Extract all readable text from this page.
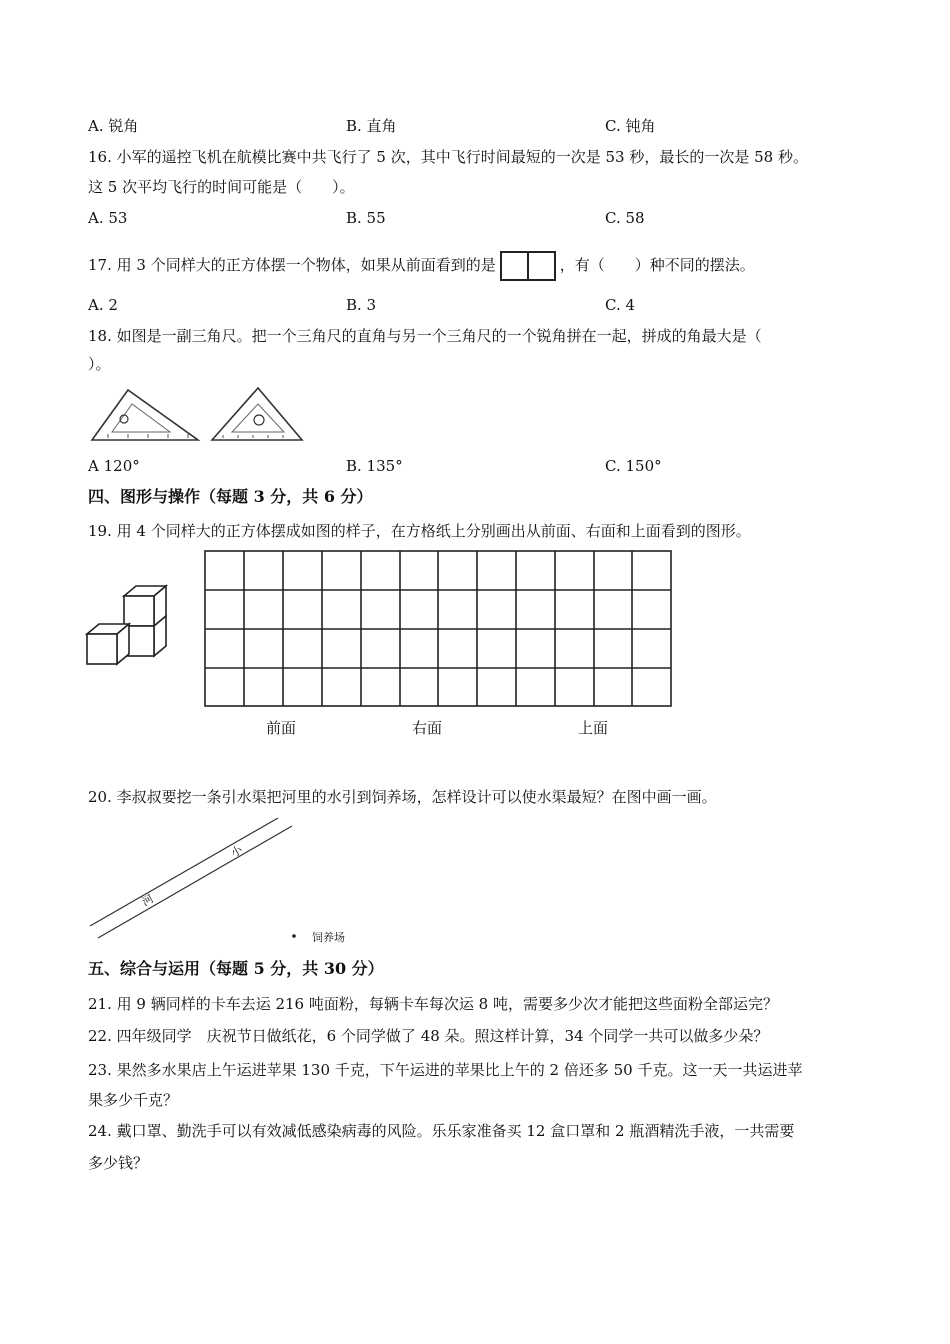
A. 锐角	B. 直角	C. 钝角
16. 小军的遥控飞机在航模比赛中共飞行了 5 次，其中飞行时间最短的一次是 53 秒，最长的一次是 58 秒。
这 5 次平均飞行的时间可能是（　　）。
A. 53	B. 55	C. 58
17. 用 3 个同样大的正方体摆一个物体，如果从前面看到的是	，有（　　）种不同的摆法。
A. 2	B. 3	C. 4
18. 如图是一副三角尺。把一个三角尺的直角与另一个三角尺的一个锐角拼在一起，拼成的角最大是（
）。
A 120°	B. 135°	C. 150°
四、图形与操作（每题 3 分，共 6 分）
19. 用 4 个同样大的正方体摆成如图的样子，在方格纸上分别画出从前面、右面和上面看到的图形。
前面	右面	上面
20. 李叔叔要挖一条引水渠把河里的水引到饲养场，怎样设计可以使水渠最短？在图中画一画。
小
河
饲养场
五、综合与运用（每题 5 分，共 30 分）
21. 用 9 辆同样的卡车去运 216 吨面粉，每辆卡车每次运 8 吨，需要多少次才能把这些面粉全部运完？
22. 四年级同学　庆祝节日做纸花，6 个同学做了 48 朵。照这样计算，34 个同学一共可以做多少朵？
23. 果然多水果店上午运进苹果 130 千克，下午运进的苹果比上午的 2 倍还多 50 千克。这一天一共运进苹
果多少千克？
24. 戴口罩、勤洗手可以有效减低感染病毒的风险。乐乐家准备买 12 盒口罩和 2 瓶酒精洗手液，一共需要
多少钱？
